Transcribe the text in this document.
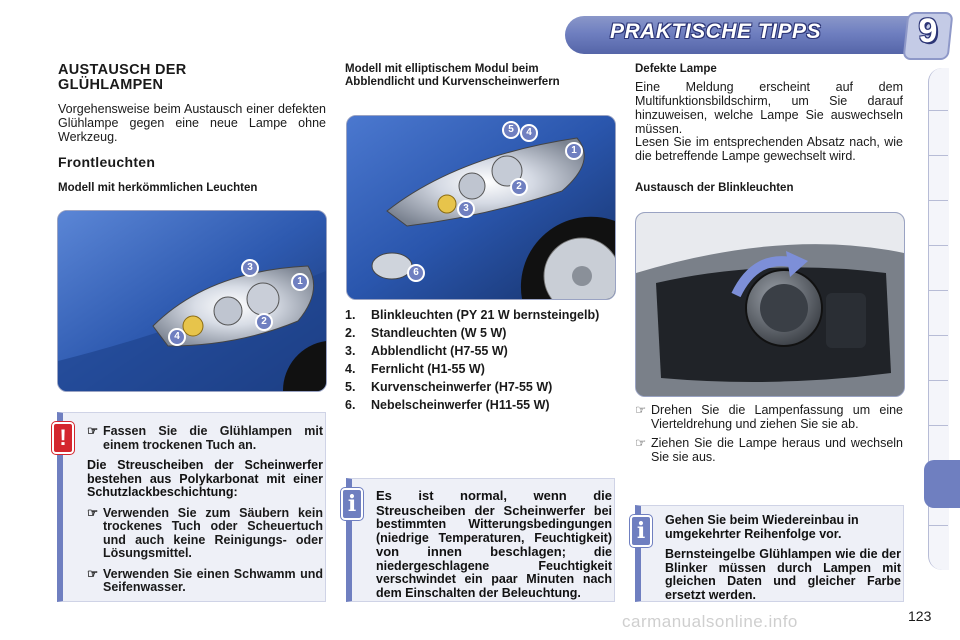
PRAKTISCHE TIPPS	9
AUSTAUSCH DER GLÜHLAMPEN
Vorgehensweise beim Austausch einer defekten Glühlampe gegen eine neue Lampe ohne Werkzeug.
Frontleuchten
Modell mit herkömmlichen Leuchten
3
1
2
4
☞ Fassen Sie die Glühlampen mit einem trockenen Tuch an.
Die Streuscheiben der Scheinwerfer bestehen aus Polykarbonat mit einer Schutzlackbeschichtung:
☞ Verwenden Sie zum Säubern kein trockenes Tuch oder Scheuertuch und auch keine Reinigungs- oder Lösungsmittel.
☞ Verwenden Sie einen Schwamm und Seifenwasser.
!
Modell mit elliptischem Modul beim Abblendlicht und Kurvenscheinwerfern
5	4
1
2
3
6
1.	Blinkleuchten (PY 21 W bernsteingelb)
2.	Standleuchten (W 5 W)
3.	Abblendlicht (H7-55 W)
4.	Fernlicht (H1-55 W)
5.	Kurvenscheinwerfer (H7-55 W)
6.	Nebelscheinwerfer (H11-55 W)
Es ist normal, wenn die Streuscheiben der Scheinwerfer bei bestimmten Witterungsbedingungen (niedrige Temperaturen, Feuchtigkeit) von innen beschlagen; die niedergeschlagene Feuchtigkeit verschwindet ein paar Minuten nach dem Einschalten der Beleuchtung.
i
Defekte Lampe
Eine Meldung erscheint auf dem Multifunktionsbildschirm, um Sie darauf hinzuweisen, welche Lampe Sie auswechseln müssen.
Lesen Sie im entsprechenden Absatz nach, wie die betreffende Lampe gewechselt wird.
Austausch der Blinkleuchten
☞ Drehen Sie die Lampenfassung um eine Vierteldrehung und ziehen Sie sie ab.
☞ Ziehen Sie die Lampe heraus und wechseln Sie sie aus.
Gehen Sie beim Wiedereinbau in umgekehrter Reihenfolge vor.
Bernsteingelbe Glühlampen wie die der Blinker müssen durch Lampen mit gleichen Daten und gleicher Farbe ersetzt werden.
i
123
carmanualsonline.info
